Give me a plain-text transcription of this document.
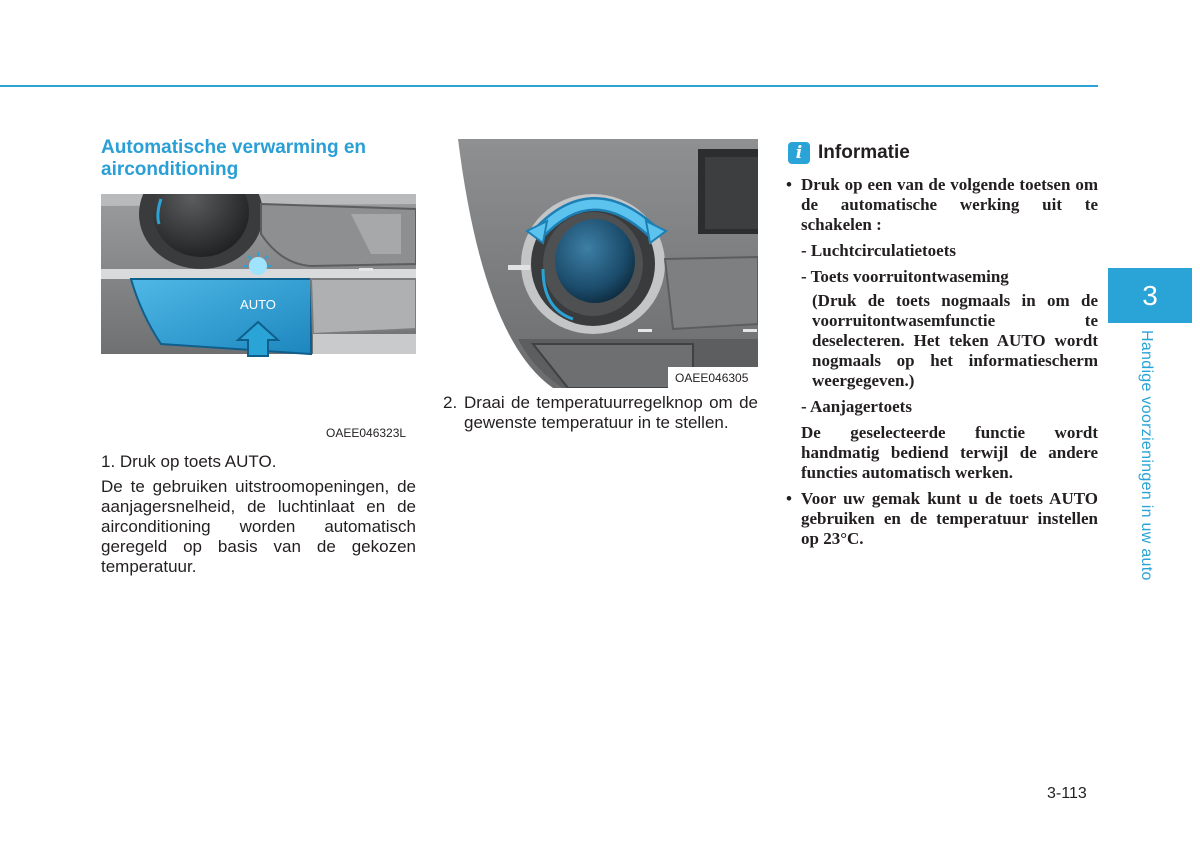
Automatische verwarming en airconditioning
AUTO
OAEE046323L
1. Druk op toets AUTO.
De te gebruiken uitstroomopeningen, de aanjagersnelheid, de luchtinlaat en de airconditioning worden automatisch geregeld op basis van de gekozen temperatuur.
OAEE046305
2. Draai de temperatuurregelknop om de gewenste temperatuur in te stellen.
i Informatie
• Druk op een van de volgende toetsen om de automatische werking uit te schakelen :
- Luchtcirculatietoets
- Toets voorruitontwaseming
(Druk de toets nogmaals in om de voorruitontwasemfunctie te deselecteren. Het teken AUTO wordt nogmaals op het informatiescherm weergegeven.)
- Aanjagertoets
De geselecteerde functie wordt handmatig bediend terwijl de andere functies automatisch werken.
• Voor uw gemak kunt u de toets AUTO gebruiken en de temperatuur instellen op 23°C.
3
Handige voorzieningen in uw auto
3-113
